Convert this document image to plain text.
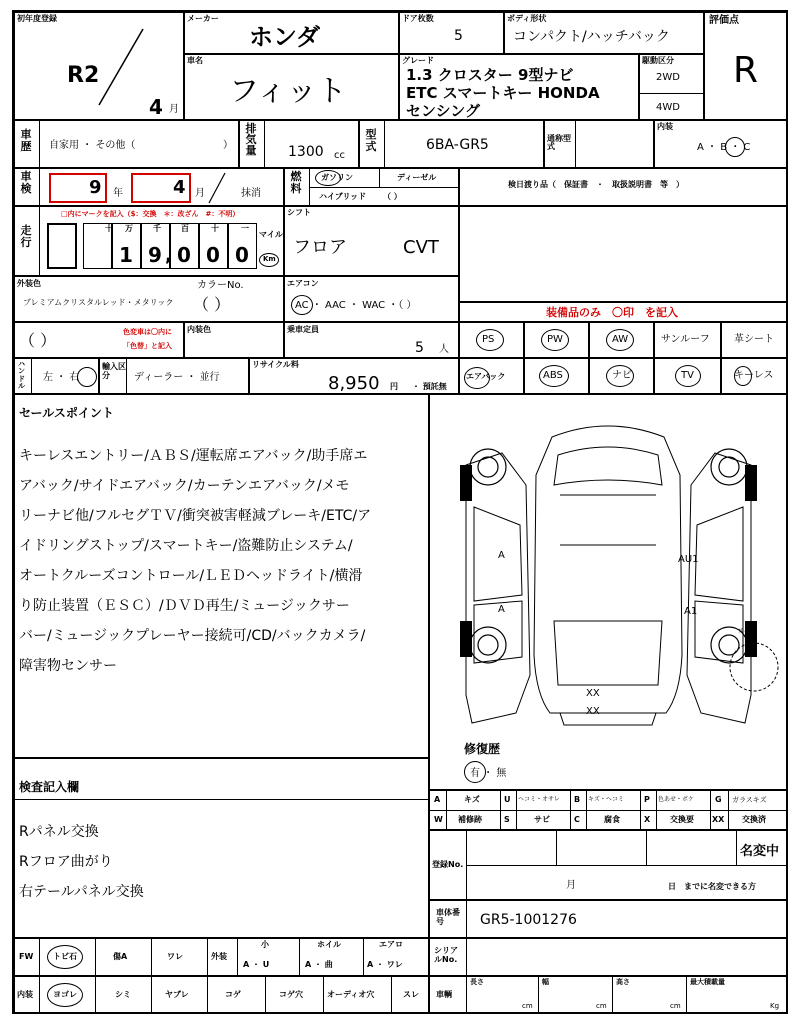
初年度登録
R2
4 月
メーカー
ホンダ
車名
フィット
ドア枚数
5
ボディ形状
コンパクト/ハッチバック
グレード
1.3 クロスター 9型ナビ
ETC スマートキー HONDA
センシング
駆動区分
2WD
4WD
評価点
R
車歴 自家用 ・ その他（	）
排気量 1300 cc
型式	6BA-GR5	通称型式
内装
A ・ B ・ C
車検	9 年	4 月	抹消
燃料
ガソリン	ディーゼル
ハイブリッド （ ）
検日渡り品（　保証書　・　取扱説明書　等　）
走行
□内にマークを記入（$：交換　＊：改ざん　#：不明）
十 万	千	百	十	一
1 9 , 0 0 0
マイル
Km
シフト
フロア	CVT
外装色
プレミアムクリスタルレッド・メタリック
カラーNo.
（ ）
エアコン
AC ・ AAC ・ WAC ・（ ）
装備品のみ　〇印　を記入
（ ）	色変車は〇内に
「色替」と記入
内装色	乗車定員
5 人
PS	PW	AW	サンルーフ 革シート
ハンドル
左 ・ 右
輸入区分	ディーラー ・ 並行
リサイクル料
8,950 円 ・ 預託無
エアバック	ABS	ナビ	TV	キーレス
セールスポイント
キーレスエントリー/ＡＢＳ/運転席エアバック/助手席エ
アバック/サイドエアバック/カーテンエアバック/メモ
リーナビ他/フルセグＴＶ/衝突被害軽減ブレーキ/ETC/ア
イドリングストップ/スマートキー/盗難防止システム/
オートクルーズコントロール/ＬＥＤヘッドライト/横滑
り防止装置（ＥＳＣ）/ＤＶＤ再生/ミュージックサー
バー/ミュージックプレーヤー接続可/CD/バックカメラ/
障害物センサー
A
A
AU1
A1
XX
XX
スペア
修復歴
有 ・ 無
検査記入欄
Rパネル交換
Rフロア曲がり
右テールパネル交換
A	キズ	U ヘコミ・オサレ B キズ・ヘコミ	P 色あせ・ボケ	G ガラスキズ
W 補修跡	S	サビ	C	腐食	X 交換要 XX 交換済
登録No.
名変中
月	日　までに名変できる方
車体番号	GR5-1001276
FW トビ石	傷A	ワレ	外装
小
A ・ U
ホイル
A ・ 曲
エアロ
A ・ ワレ
シリアルNo.
内装	ヨゴレ	シミ	ヤブレ	コゲ	コゲ穴	オーディオ穴	スレ 車輌
長さ
cm
幅
cm
高さ
cm
最大積載量
Kg
